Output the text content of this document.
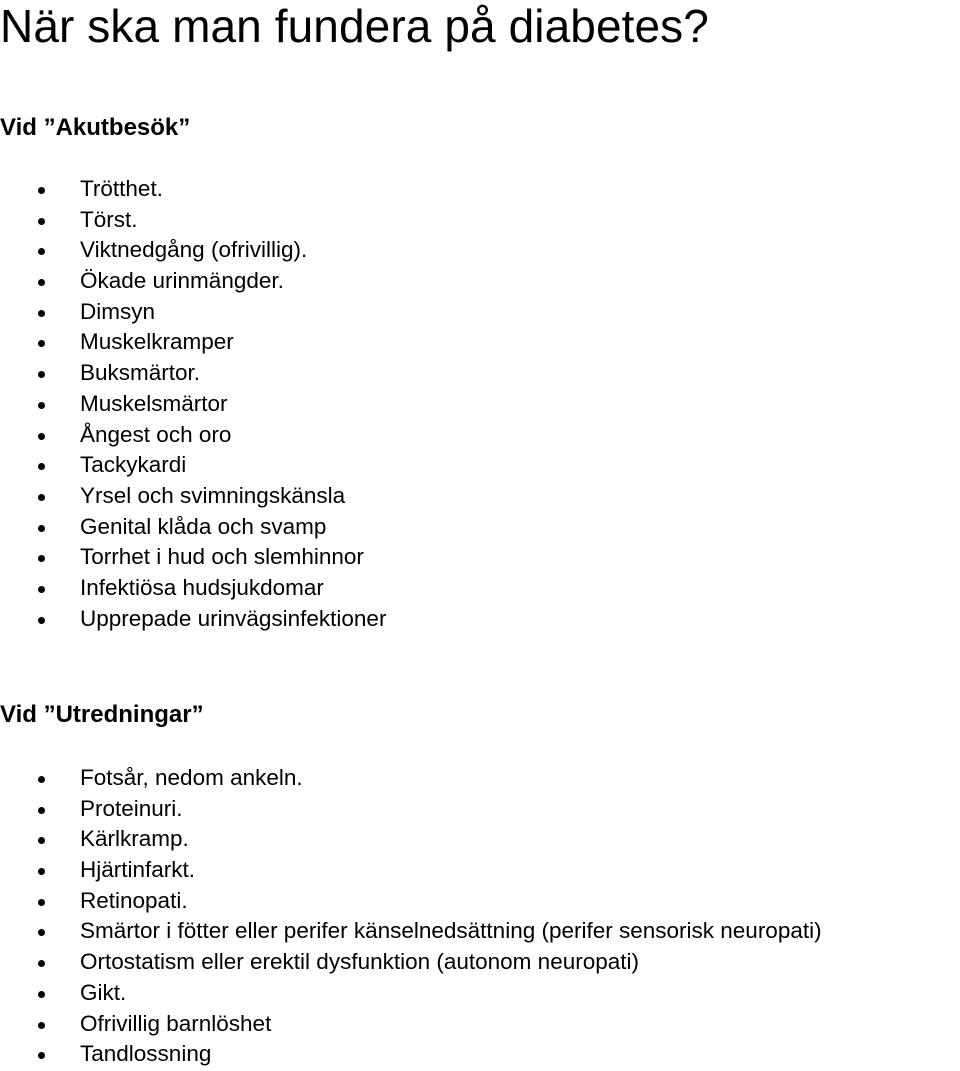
När ska man fundera på diabetes?
Vid ”Akutbesök”
Trötthet.
Törst.
Viktnedgång (ofrivillig).
Ökade urinmängder.
Dimsyn
Muskelkramper
Buksmärtor.
Muskelsmärtor
Ångest och oro
Tackykardi
Yrsel och svimningskänsla
Genital klåda och svamp
Torrhet i hud och slemhinnor
Infektiösa hudsjukdomar
Upprepade urinvägsinfektioner
Vid ”Utredningar”
Fotsår, nedom ankeln.
Proteinuri.
Kärlkramp.
Hjärtinfarkt.
Retinopati.
Smärtor i fötter eller perifer känselnedsättning (perifer sensorisk neuropati)
Ortostatism eller erektil dysfunktion (autonom neuropati)
Gikt.
Ofrivillig barnlöshet
Tandlossning
